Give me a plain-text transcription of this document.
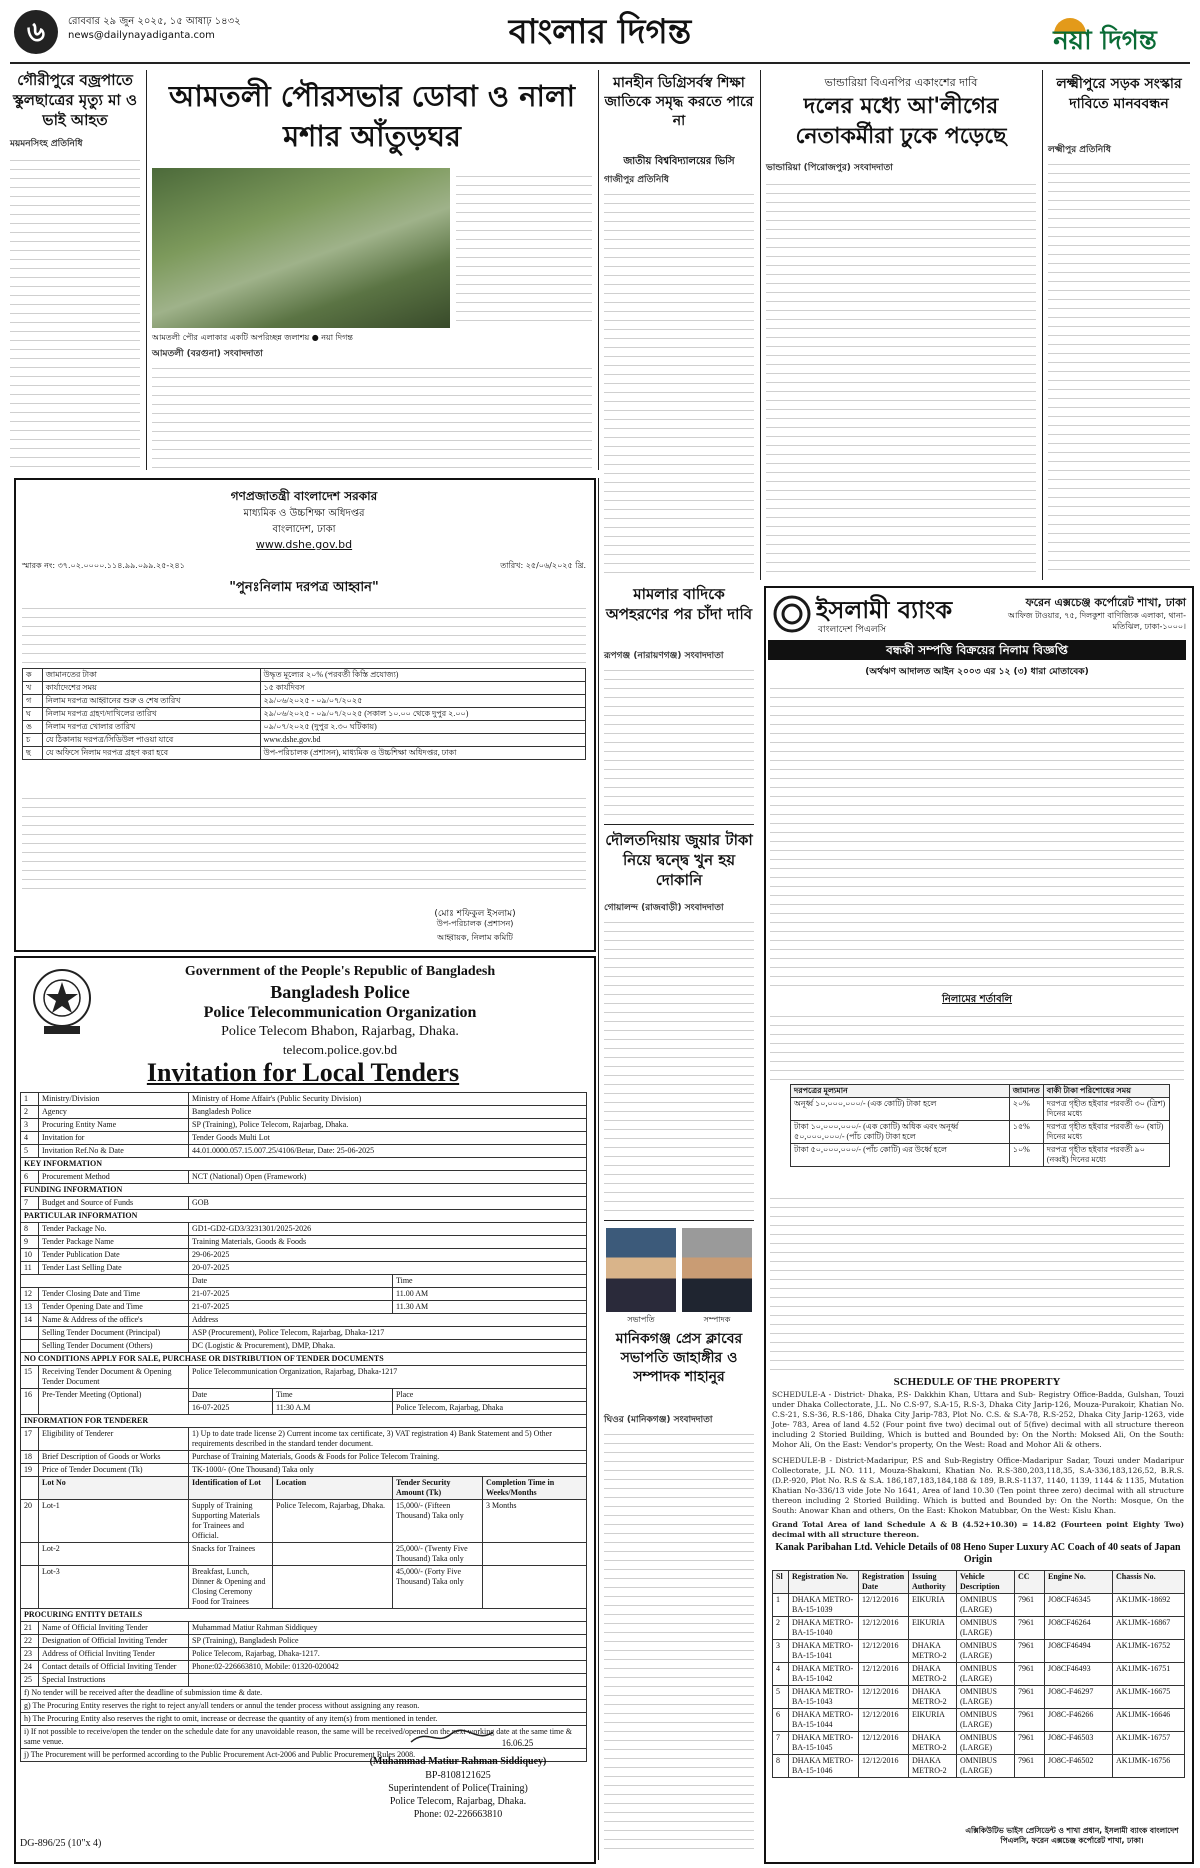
৬	রোববার ২৯ জুন ২০২৫, ১৫ আষাঢ় ১৪৩২
news@dailynayadiganta.com	বাংলার দিগন্ত	নয়া দিগন্ত
গৌরীপুরে বজ্রপাতে স্কুলছাত্রের মৃত্যু মা ও ভাই আহত
ময়মনসিংহ প্রতিনিধি
আমতলী পৌরসভার ডোবা ও নালা মশার আঁতুড়ঘর
আমতলী পৌর এলাকার একটি অপরিচ্ছন্ন জলাশয় ● নয়া দিগন্ত
আমতলী (বরগুনা) সংবাদদাতা
মানহীন ডিগ্রিসর্বস্ব শিক্ষা জাতিকে সমৃদ্ধ করতে পারে না
জাতীয় বিশ্ববিদ্যালয়ের ভিসি
গাজীপুর প্রতিনিধি
ভান্ডারিয়া বিএনপির একাংশের দাবি
দলের মধ্যে আ'লীগের নেতাকর্মীরা ঢুকে পড়েছে
ভান্ডারিয়া (পিরোজপুর) সংবাদদাতা
লক্ষ্মীপুরে সড়ক সংস্কার দাবিতে মানববন্ধন
লক্ষ্মীপুর প্রতিনিধি
গণপ্রজাতন্ত্রী বাংলাদেশ সরকার
মাধ্যমিক ও উচ্চশিক্ষা অধিদপ্তর
বাংলাদেশ, ঢাকা
www.dshe.gov.bd
স্মারক নং: ৩৭.০২.০০০০.১১৪.৯৯.০৯৯.২৫-২৪১	তারিখ: ২৫/০৬/২০২৫ খ্রি.
"পুনঃনিলাম দরপত্র আহ্বান"
ক	জামানতের টাকা	উদ্ধৃত মূল্যের ২০% (পরবর্তী কিস্তি প্রযোজ্য)
খ	কার্যাদেশের সময়	১৫ কার্যদিবস
গ	নিলাম দরপত্র আহ্বানের শুরু ও শেষ তারিখ	২৯/০৬/২০২৫ - ০৯/০৭/২০২৫
ঘ	নিলাম দরপত্র গ্রহণ/দাখিলের তারিখ	২৯/০৬/২০২৫ - ০৯/০৭/২০২৫ (সকাল ১০.০০ থেকে দুপুর ২.০০)
ঙ	নিলাম দরপত্র খোলার তারিখ	০৯/০৭/২০২৫ (দুপুর ২.৩০ ঘটিকায়)
চ	যে ঠিকানায় দরপত্র/সিডিউল পাওয়া যাবে	www.dshe.gov.bd
ছ	যে অফিসে নিলাম দরপত্র গ্রহণ করা হবে	উপ-পরিচালক (প্রশাসন), মাধ্যমিক ও উচ্চশিক্ষা অধিদপ্তর, ঢাকা
(মোঃ শফিকুল ইসলাম)
উপ-পরিচালক (প্রশাসন)
আহ্বায়ক, নিলাম কমিটি
Government of the People's Republic of Bangladesh
Bangladesh Police
Police Telecommunication Organization
Police Telecom Bhabon, Rajarbag, Dhaka.
telecom.police.gov.bd
Invitation for Local Tenders
1	Ministry/Division	Ministry of Home Affair's (Public Security Division)			
2	Agency	Bangladesh Police			
3	Procuring Entity Name	SP (Training), Police Telecom, Rajarbag, Dhaka.			
4	Invitation for	Tender Goods Multi Lot			
5	Invitation Ref.No & Date	44.01.0000.057.15.007.25/4106/Betar, Date: 25-06-2025			
KEY INFORMATION					
6	Procurement Method	NCT (National) Open (Framework)			
FUNDING INFORMATION					
7	Budget and Source of Funds	GOB			
PARTICULAR INFORMATION					
8	Tender Package No.	GD1-GD2-GD3/3231301/2025-2026			
9	Tender Package Name	Training Materials, Goods & Foods			
10	Tender Publication Date	29-06-2025			
11	Tender Last Selling Date	20-07-2025			
		Date		Time	
12	Tender Closing Date and Time	21-07-2025		11.00 AM	
13	Tender Opening Date and Time	21-07-2025		11.30 AM	
14	Name & Address of the office's	Address			
	Selling Tender Document (Principal)	ASP (Procurement), Police Telecom, Rajarbag, Dhaka-1217			
	Selling Tender Document (Others)	DC (Logistic & Procurement), DMP, Dhaka.			
NO CONDITIONS APPLY FOR SALE, PURCHASE OR DISTRIBUTION OF TENDER DOCUMENTS					
15	Receiving Tender Document & Opening Tender Document	Police Telecommunication Organization, Rajarbag, Dhaka-1217			
16	Pre-Tender Meeting (Optional)	Date	Time	Place	
		16-07-2025	11:30 A.M	Police Telecom, Rajarbag, Dhaka	
INFORMATION FOR TENDERER					
17	Eligibility of Tenderer	1) Up to date trade license 2) Current income tax certificate, 3) VAT registration 4) Bank Statement and 5) Other requirements described in the standard tender document.			
18	Brief Description of Goods or Works	Purchase of Training Materials, Goods & Foods for Police Telecom Training.			
19	Price of Tender Document (Tk)	TK-1000/- (One Thousand) Taka only			
	Lot No	Identification of Lot	Location	Tender Security Amount (Tk)	Completion Time in Weeks/Months
20	Lot-1	Supply of Training Supporting Materials for Trainees and Official.	Police Telecom, Rajarbag, Dhaka.	15,000/- (Fifteen Thousand) Taka only	3 Months
	Lot-2	Snacks for Trainees		25,000/- (Twenty Five Thousand) Taka only	
	Lot-3	Breakfast, Lunch, Dinner & Opening and Closing Ceremony Food for Trainees		45,000/- (Forty Five Thousand) Taka only	
PROCURING ENTITY DETAILS					
21	Name of Official Inviting Tender	Muhammad Matiur Rahman Siddiquey			
22	Designation of Official Inviting Tender	SP (Training), Bangladesh Police			
23	Address of Official Inviting Tender	Police Telecom, Rajarbag, Dhaka-1217.			
24	Contact details of Official Inviting Tender	Phone:02-226663810, Mobile: 01320-020042			
25	Special Instructions				
f) No tender will be received after the deadline of submission time & date.					
g) The Procuring Entity reserves the right to reject any/all tenders or annul the tender process without assigning any reason.					
h) The Procuring Entity also reserves the right to omit, increase or decrease the quantity of any item(s) from mentioned in tender.					
i) If not possible to receive/open the tender on the schedule date for any unavoidable reason, the same will be received/opened on the next working date at the same time & same venue.					
j) The Procurement will be performed according to the Public Procurement Act-2006 and Public Procurement Rules 2008.					
16.06.25
(Muhammad Matiur Rahman Siddiquey)
BP-8108121625
Superintendent of Police(Training)
Police Telecom, Rajarbag, Dhaka.
Phone: 02-226663810
DG-896/25 (10"x 4)
মামলার বাদিকে অপহরণের পর চাঁদা দাবি
রূপগঞ্জ (নারায়ণগঞ্জ) সংবাদদাতা
দৌলতদিয়ায় জুয়ার টাকা নিয়ে দ্বন্দ্বে খুন হয় দোকানি
গোয়ালন্দ (রাজবাড়ী) সংবাদদাতা
সভাপতি	সম্পাদক
মানিকগঞ্জ প্রেস ক্লাবের সভাপতি জাহাঙ্গীর ও সম্পাদক শাহানুর
ঘিওর (মানিকগঞ্জ) সংবাদদাতা
ইসলামী ব্যাংক
বাংলাদেশ পিএলসি
ফরেন এক্সচেঞ্জ কর্পোরেট শাখা, ঢাকা
আফিজ টাওয়ার, ৭৫, দিলকুশা বাণিজ্যিক এলাকা, থানা-মতিঝিল, ঢাকা-১০০০।
বন্ধকী সম্পত্তি বিক্রয়ের নিলাম বিজ্ঞপ্তি
(অর্থঋণ আদালত আইন ২০০৩ এর ১২ (৩) ধারা মোতাবেক)
নিলামের শর্তাবলি
দরপত্রের মূল্যমান	জামানত	বাকী টাকা পরিশোধের সময়
অনূর্ধ্ব ১০,০০০,০০০/- (এক কোটি) টাকা হলে	২০%	দরপত্র গৃহীত হইবার পরবর্তী ৩০ (ত্রিশ) দিনের মধ্যে
টাকা ১০,০০০,০০০/- (এক কোটি) অধিক এবং অনূর্ধ্ব ৫০,০০০,০০০/- (পাঁচ কোটি) টাকা হলে	১৫%	দরপত্র গৃহীত হইবার পরবর্তী ৬০ (ষাট) দিনের মধ্যে
টাকা ৫০,০০০,০০০/- (পাঁচ কোটি) এর উর্ধ্বে হলে	১০%	দরপত্র গৃহীত হইবার পরবর্তী ৯০ (নব্বই) দিনের মধ্যে
SCHEDULE OF THE PROPERTY
SCHEDULE-A - District- Dhaka, P.S- Dakkhin Khan, Uttara and Sub- Registry Office-Badda, Gulshan, Touzi under Dhaka Collectorate, J.L. No C.S-97, S.A-15, R.S-3, Dhaka City Jarip-126, Mouza-Purakoir, Khatian No. C.S-21, S.S-36, R.S-186, Dhaka City Jarip-783, Plot No. C.S. & S.A-78, R.S-252, Dhaka City Jarip-1263, vide Jote- 783, Area of land 4.52 (Four point five two) decimal out of 5(five) decimal with all structure thereon including 2 Storied Building, Which is butted and Bounded by: On the North: Moksed Ali, On the South: Mohor Ali, On the East: Vendor's property, On the West: Road and Mohor Ali & others.
SCHEDULE-B - District-Madaripur, P.S and Sub-Registry Office-Madaripur Sadar, Touzi under Madaripur Collectorate, J.L NO. 111, Mouza-Shakuni, Khatian No. R.S-380,203,118,35, S.A-336,183,126,52, B.R.S. (D.P.-920, Plot No. R.S & S.A. 186,187,183,184,188 & 189, B.R.S-1137, 1140, 1139, 1144 & 1135, Mutation Khatian No-336/13 vide Jote No 1641, Area of land 10.30 (Ten point three zero) decimal with all structure thereon including 2 Storied Building. Which is butted and Bounded by: On the North: Mosque, On the South: Anowar Khan and others, On the East: Khokon Matubbar, On the West: Kislu Khan.
Grand Total Area of land Schedule A & B (4.52+10.30) = 14.82 (Fourteen point Eighty Two) decimal with all structure thereon.
Kanak Paribahan Ltd. Vehicle Details of 08 Heno Super Luxury AC Coach of 40 seats of Japan Origin
Sl	Registration No.	Registration Date	Issuing Authority	Vehicle Description	CC	Engine No.	Chassis No.
1	DHAKA METRO-BA-15-1039	12/12/2016	EIKURIA	OMNIBUS (LARGE)	7961	JO8CF46345	AK1JMK-18692
2	DHAKA METRO-BA-15-1040	12/12/2016	EIKURIA	OMNIBUS (LARGE)	7961	JO8CF46264	AK1JMK-16867
3	DHAKA METRO-BA-15-1041	12/12/2016	DHAKA METRO-2	OMNIBUS (LARGE)	7961	JO8CF46494	AK1JMK-16752
4	DHAKA METRO-BA-15-1042	12/12/2016	DHAKA METRO-2	OMNIBUS (LARGE)	7961	JO8CF46493	AK1JMK-16751
5	DHAKA METRO-BA-15-1043	12/12/2016	DHAKA METRO-2	OMNIBUS (LARGE)	7961	JO8C-F46297	AK1JMK-16675
6	DHAKA METRO-BA-15-1044	12/12/2016	EIKURIA	OMNIBUS (LARGE)	7961	JO8C-F46266	AK1JMK-16646
7	DHAKA METRO-BA-15-1045	12/12/2016	DHAKA METRO-2	OMNIBUS (LARGE)	7961	JO8C-F46503	AK1JMK-16757
8	DHAKA METRO-BA-15-1046	12/12/2016	DHAKA METRO-2	OMNIBUS (LARGE)	7961	JO8C-F46502	AK1JMK-16756
এক্সিকিউটিভ ভাইস প্রেসিডেন্ট ও শাখা প্রধান, ইসলামী ব্যাংক বাংলাদেশ পিএলসি, ফরেন এক্সচেঞ্জ কর্পোরেট শাখা, ঢাকা।
